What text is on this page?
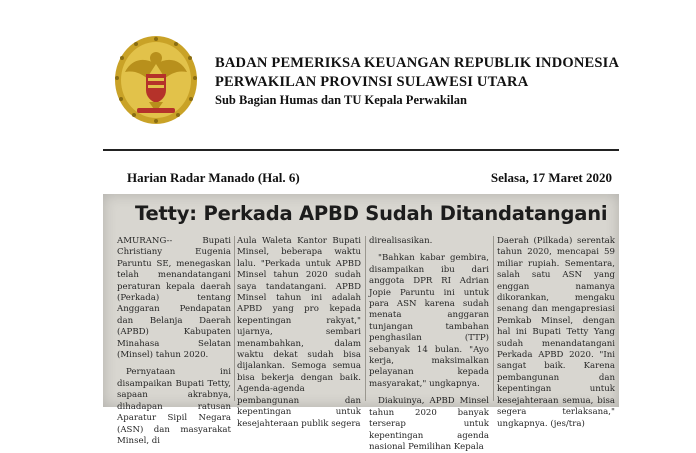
BADAN PEMERIKSA KEUANGAN REPUBLIK INDONESIA
PERWAKILAN PROVINSI SULAWESI UTARA
Sub Bagian Humas dan TU Kepala Perwakilan
Harian Radar Manado (Hal. 6)	Selasa, 17 Maret 2020
Tetty: Perkada APBD Sudah Ditandatangani

AMURANG-- Bupati Christiany Eugenia Paruntu SE, menegaskan telah menandatangani peraturan kepala daerah (Perkada) tentang Anggaran Pendapatan dan Belanja Daerah (APBD) Kabupaten Minahasa Selatan (Minsel) tahun 2020.

Pernyataan ini disampaikan Bupati Tetty, sapaan akrabnya, dihadapan ratusan Aparatur Sipil Negara (ASN) dan masyarakat Minsel, di

Aula Waleta Kantor Bupati Minsel, beberapa waktu lalu. "Perkada untuk APBD Minsel tahun 2020 sudah saya tandatangani. APBD Minsel tahun ini adalah APBD yang pro kepada kepentingan rakyat," ujarnya, sembari menambahkan, dalam waktu dekat sudah bisa dijalankan. Semoga semua bisa bekerja dengan baik. Agenda-agenda pembangunan dan kepentingan untuk kesejahteraan publik segera

direalisasikan.

"Bahkan kabar gembira, disampaikan ibu dari anggota DPR RI Adrian Jopie Paruntu ini untuk para ASN karena sudah menata anggaran tunjangan tambahan penghasilan (TTP) sebanyak 14 bulan. "Ayo kerja, maksimalkan pelayanan kepada masyarakat," ungkapnya.

Diakuinya, APBD Minsel tahun 2020 banyak terserap untuk kepentingan agenda nasional Pemilihan Kepala

Daerah (Pilkada) serentak tahun 2020, mencapai 59 miliar rupiah. Sementara, salah satu ASN yang enggan namanya dikorankan, mengaku senang dan mengapresiasi Pemkab Minsel, dengan hal ini Bupati Tetty Yang sudah menandatangani Perkada APBD 2020. "Ini sangat baik. Karena pembangunan dan kepentingan untuk kesejahteraan semua, bisa segera terlaksana," ungkapnya. (jes/tra)
